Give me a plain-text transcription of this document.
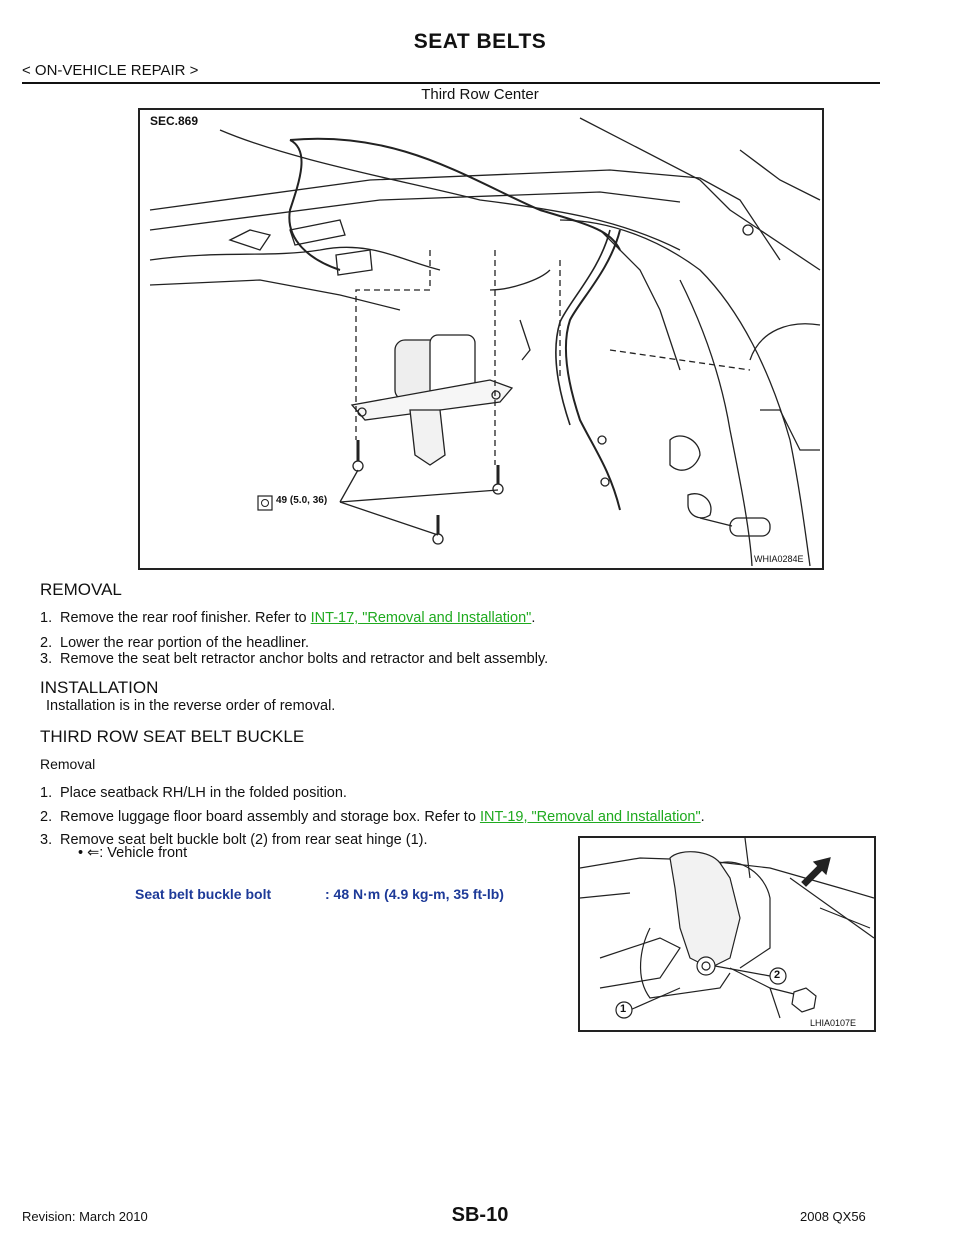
SEAT BELTS
< ON-VEHICLE REPAIR >
Third Row Center
SEC.869
49 (5.0, 36)
WHIA0284E
REMOVAL
1. Remove the rear roof finisher. Refer to INT-17, "Removal and Installation".
2. Lower the rear portion of the headliner.
3. Remove the seat belt retractor anchor bolts and retractor and belt assembly.
INSTALLATION
Installation is in the reverse order of removal.
THIRD ROW SEAT BELT BUCKLE
Removal
1. Place seatback RH/LH in the folded position.
2. Remove luggage floor board assembly and storage box. Refer to INT-19, "Removal and Installation".
3. Remove seat belt buckle bolt (2) from rear seat hinge (1).
• ⇐: Vehicle front
Seat belt buckle bolt	: 48 N·m (4.9 kg-m, 35 ft-lb)
1
2
LHIA0107E
Revision: March 2010	SB-10	2008 QX56
